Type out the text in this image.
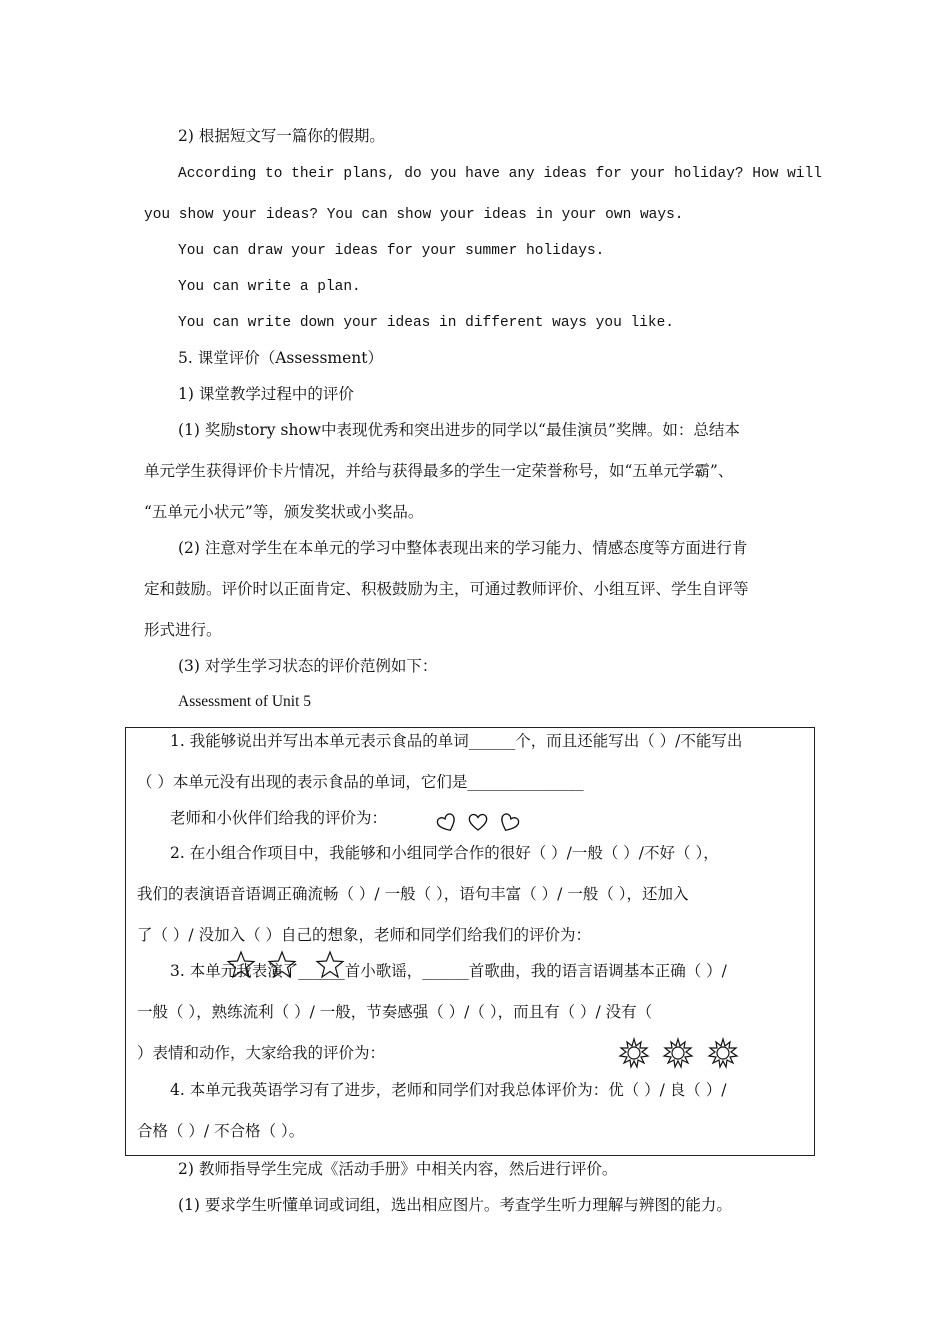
2) 根据短文写一篇你的假期。
According to their plans, do you have any ideas for your holiday? How will
you show your ideas? You can show your ideas in your own ways.
You can draw your ideas for your summer holidays.
You can write a plan.
You can write down your ideas in different ways you like.
5. 课堂评价（Assessment）
1) 课堂教学过程中的评价
(1) 奖励story show中表现优秀和突出进步的同学以“最佳演员”奖牌。如：总结本
单元学生获得评价卡片情况，并给与获得最多的学生一定荣誉称号，如“五单元学霸”、
“五单元小状元”等，颁发奖状或小奖品。
(2) 注意对学生在本单元的学习中整体表现出来的学习能力、情感态度等方面进行肯
定和鼓励。评价时以正面肯定、积极鼓励为主，可通过教师评价、小组互评、学生自评等
形式进行。
(3) 对学生学习状态的评价范例如下：
Assessment of Unit 5
1. 我能够说出并写出本单元表示食品的单词______个，而且还能写出（ ）/不能写出
（ ）本单元没有出现的表示食品的单词，它们是_______________
老师和小伙伴们给我的评价为：
2. 在小组合作项目中，我能够和小组同学合作的很好（ ）/一般（ ）/不好（ ），
我们的表演语音语调正确流畅（ ）/ 一般（ ），语句丰富（ ）/ 一般（ ），还加入
了（ ）/ 没加入（ ）自己的想象，老师和同学们给我们的评价为：
3. 本单元我表演了______首小歌谣，______首歌曲，我的语言语调基本正确（ ）/
一般（ ），熟练流利（ ）/ 一般，节奏感强（ ）/（ ），而且有（ ）/ 没有（
）表情和动作，大家给我的评价为：
4. 本单元我英语学习有了进步，老师和同学们对我总体评价为：优（ ）/ 良（ ）/
合格（ ）/ 不合格（ ）。
2) 教师指导学生完成《活动手册》中相关内容，然后进行评价。
(1) 要求学生听懂单词或词组，选出相应图片。考查学生听力理解与辨图的能力。
